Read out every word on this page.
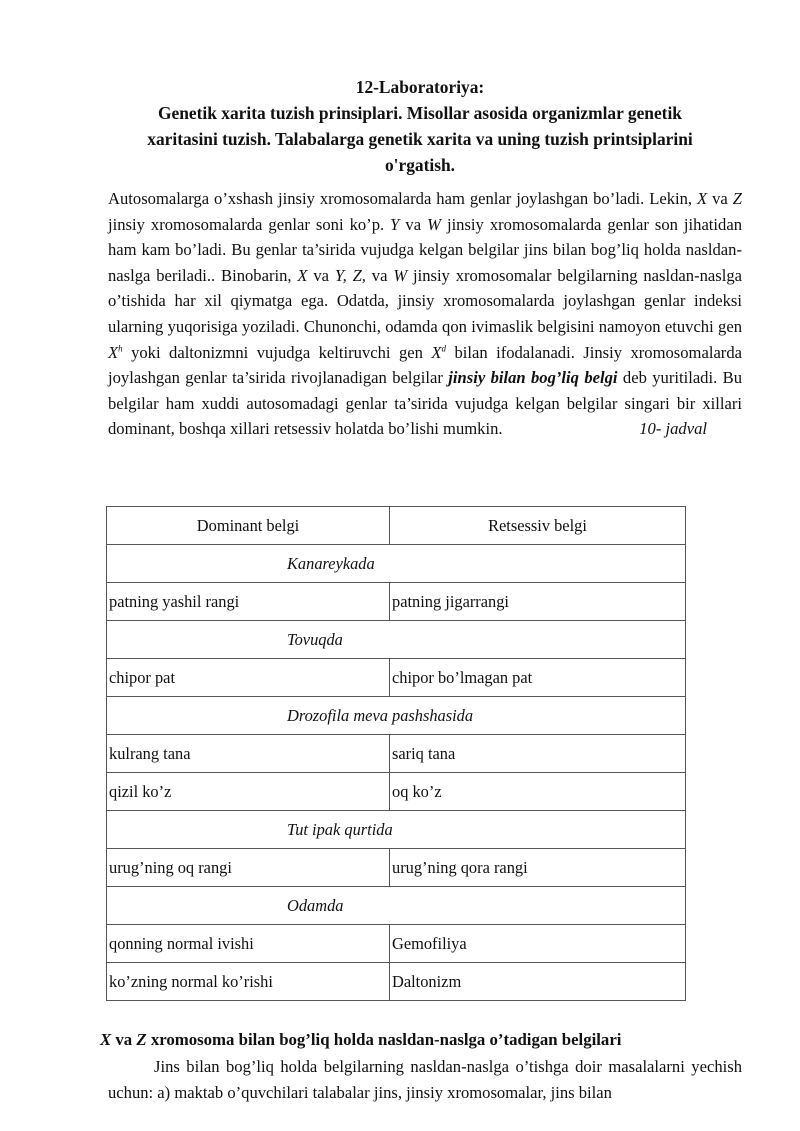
12-Laboratoriya:
Genetik xarita tuzish prinsiplari. Misollar asosida organizmlar genetik
xaritasini tuzish. Talabalarga genetik xarita va uning tuzish printsiplarini
o'rgatish.
Autosomalarga o’xshash jinsiy xromosomalarda ham genlar joylashgan bo’ladi. Lekin, X va Z jinsiy xromosomalarda genlar soni ko’p. Y va W jinsiy xromosomalarda genlar son jihatidan ham kam bo’ladi. Bu genlar ta’sirida vujudga kelgan belgilar jins bilan bog’liq holda nasldan-naslga beriladi.. Binobarin, X va Y, Z, va W jinsiy xromosomalar belgilarning nasldan-naslga o’tishida har xil qiymatga ega. Odatda, jinsiy xromosomalarda joylashgan genlar indeksi ularning yuqorisiga yoziladi. Chunonchi, odamda qon ivimaslik belgisini namoyon etuvchi gen $X^h$ yoki daltonizmni vujudga keltiruvchi gen $X^d$ bilan ifodalanadi. Jinsiy xromosomalarda joylashgan genlar ta’sirida rivojlanadigan belgilar jinsiy bilan bog’liq belgi deb yuritiladi. Bu belgilar ham xuddi autosomadagi genlar ta’sirida vujudga kelgan belgilar singari bir xillari dominant, boshqa xillari retsessiv holatda bo’lishi mumkin.	10- jadval
Dominant belgi	Retsessiv belgi
Kanareykada	
patning yashil rangi	patning jigarrangi
Tovuqda	
chipor pat	chipor bo’lmagan pat
Drozofila meva pashshasida	
kulrang tana	sariq tana
qizil ko’z	oq ko’z
Tut ipak qurtida	
urug’ning oq rangi	urug’ning qora rangi
Odamda	
qonning normal ivishi	Gemofiliya
ko’zning normal ko’rishi	Daltonizm
X va Z xromosoma bilan bog’liq holda nasldan-naslga o’tadigan belgilari
Jins bilan bog’liq holda belgilarning nasldan-naslga o’tishga doir masalalarni yechish uchun: a) maktab o’quvchilari talabalar jins, jinsiy xromosomalar, jins bilan
